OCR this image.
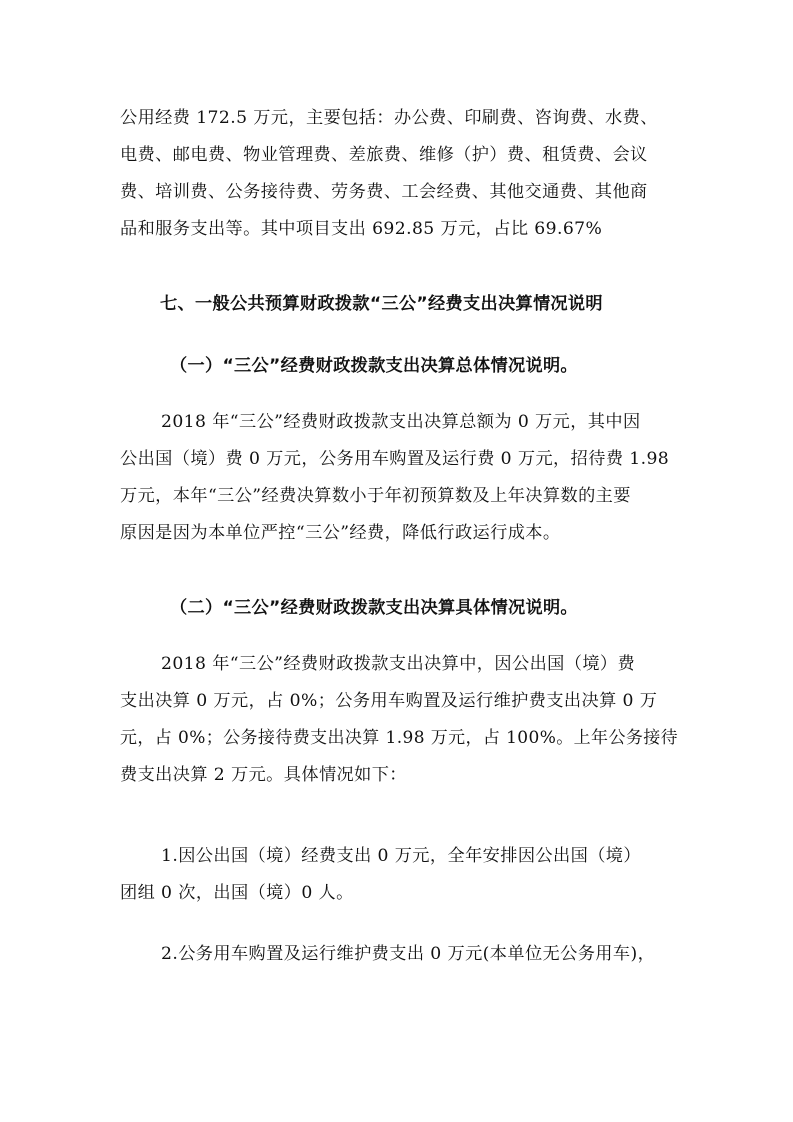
公用经费 172.5 万元，主要包括：办公费、印刷费、咨询费、水费、
电费、邮电费、物业管理费、差旅费、维修（护）费、租赁费、会议
费、培训费、公务接待费、劳务费、工会经费、其他交通费、其他商
品和服务支出等。其中项目支出 692.85 万元，占比 69.67%

七、一般公共预算财政拨款“三公”经费支出决算情况说明
（一）“三公”经费财政拨款支出决算总体情况说明。

2018 年“三公”经费财政拨款支出决算总额为 0 万元，其中因
公出国（境）费 0 万元，公务用车购置及运行费 0 万元，招待费 1.98
万元，本年“三公”经费决算数小于年初预算数及上年决算数的主要
原因是因为本单位严控“三公”经费，降低行政运行成本。

（二）“三公”经费财政拨款支出决算具体情况说明。

2018 年“三公”经费财政拨款支出决算中，因公出国（境）费
支出决算 0 万元，占 0%；公务用车购置及运行维护费支出决算 0 万
元，占 0%；公务接待费支出决算 1.98 万元，占 100%。上年公务接待
费支出决算 2 万元。具体情况如下：

1.因公出国（境）经费支出 0 万元，全年安排因公出国（境）
团组 0 次，出国（境）0 人。

2.公务用车购置及运行维护费支出 0 万元(本单位无公务用车)，
